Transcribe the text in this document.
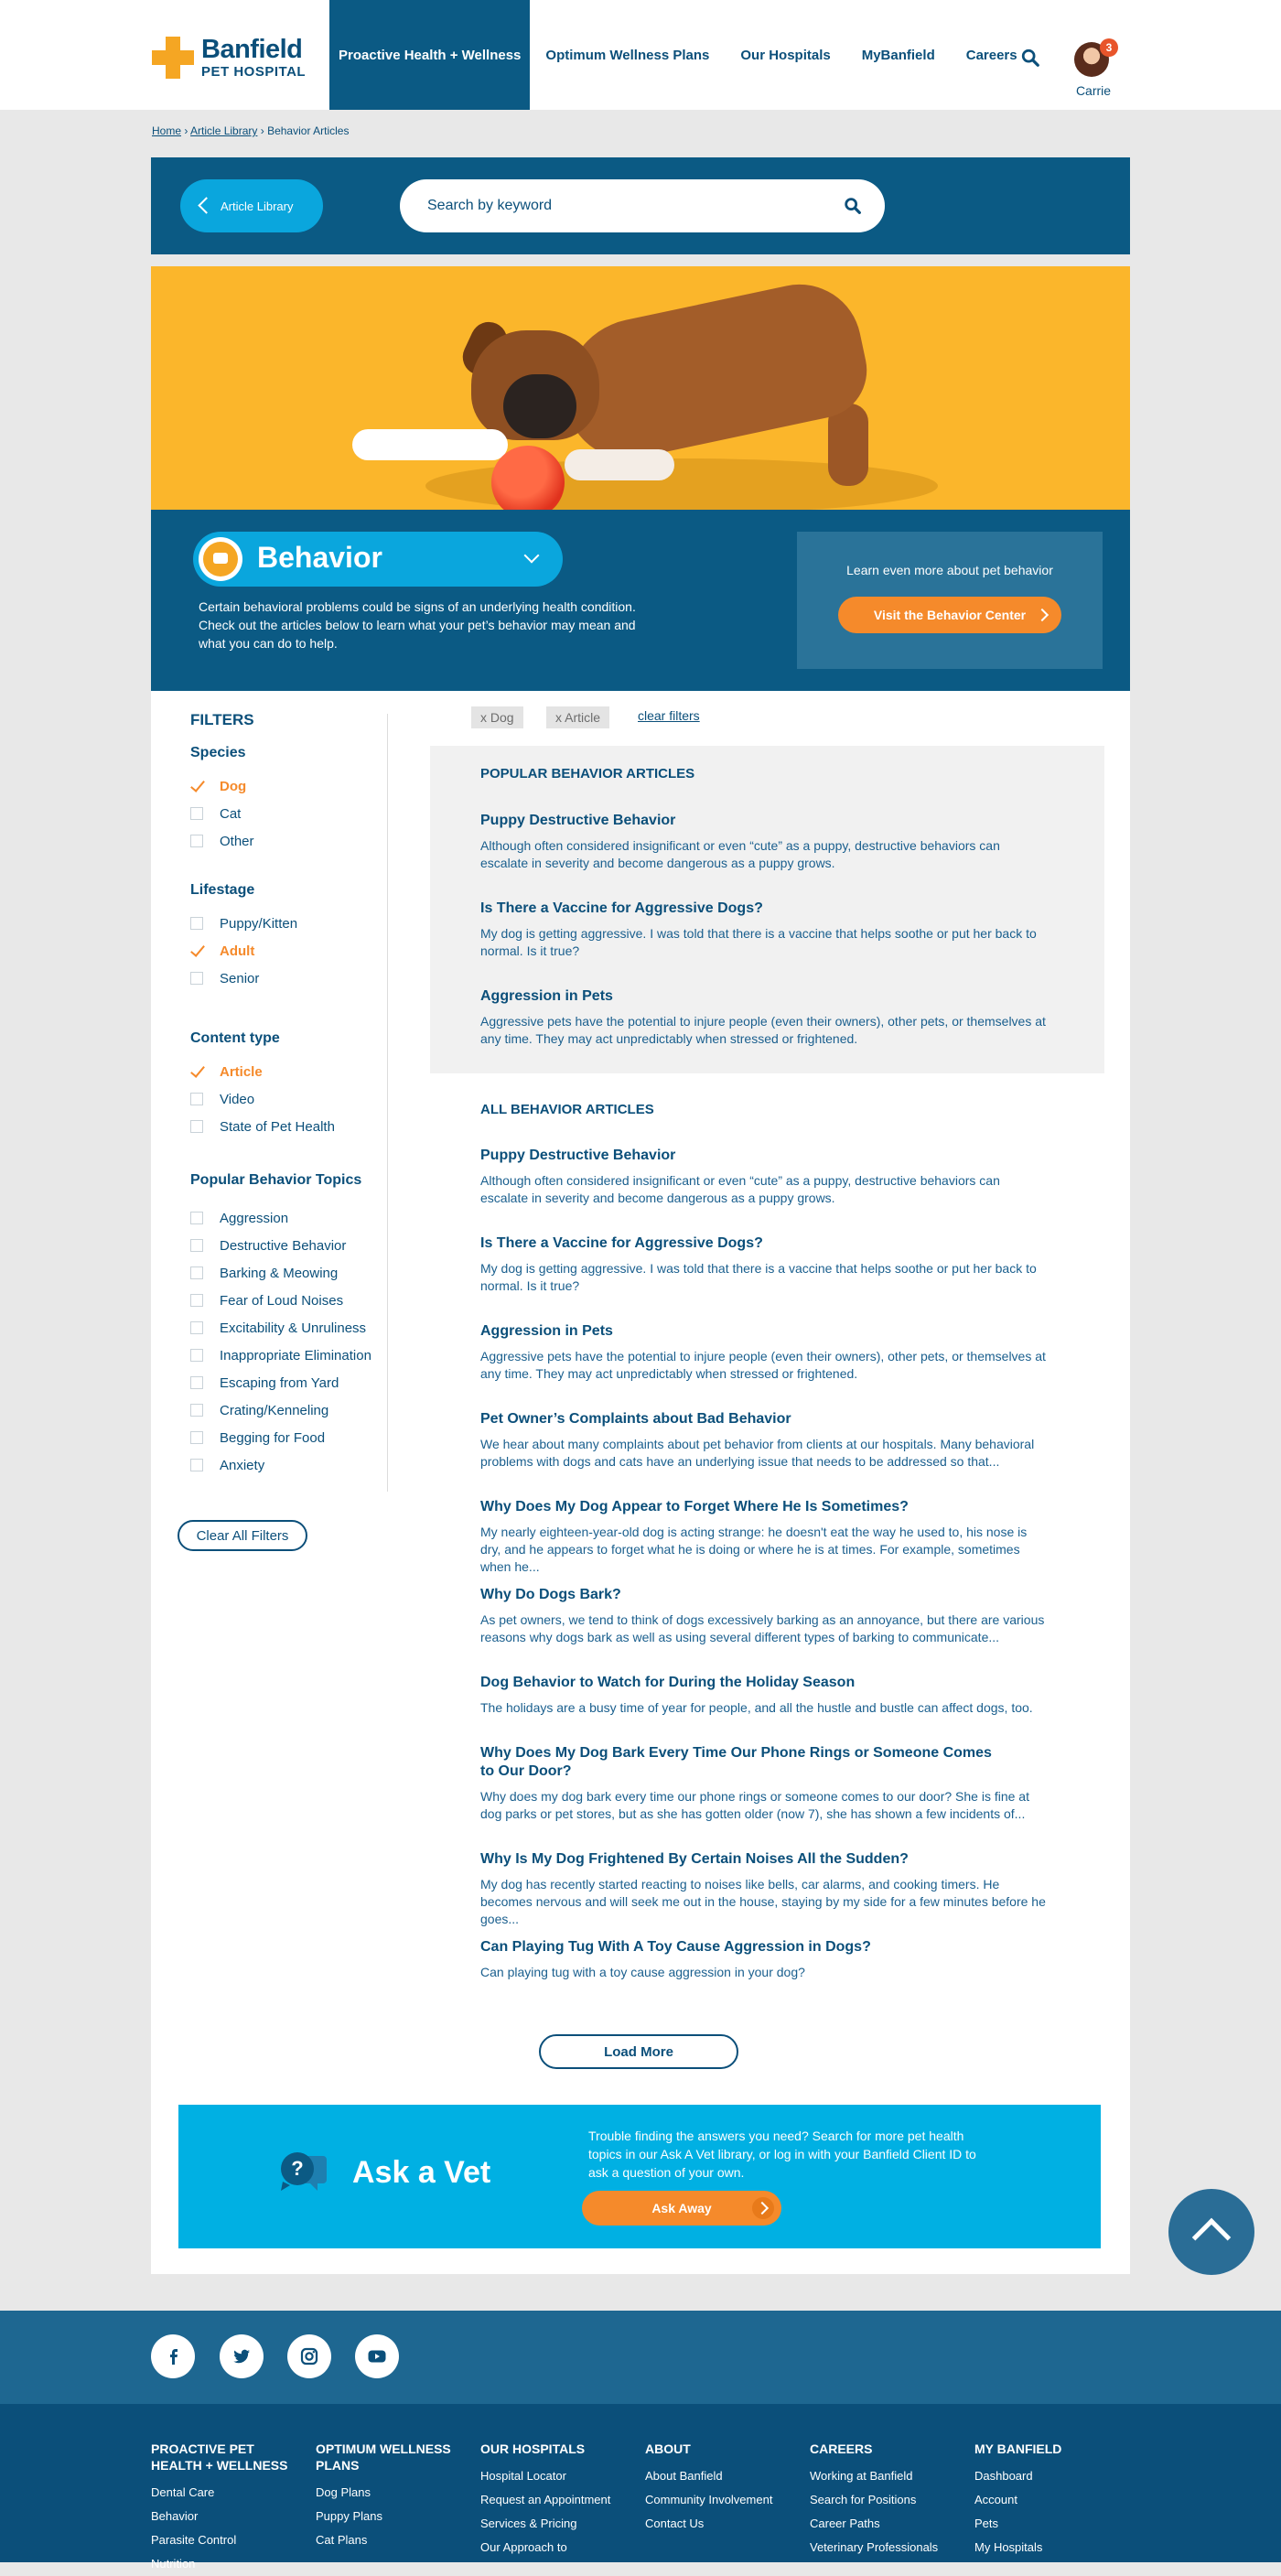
Banfield
PET HOSPITAL
Proactive Health + Wellness	Optimum Wellness Plans	Our Hospitals	MyBanfield	Careers	3
Carrie
Home › Article Library › Behavior Articles
Article Library
Search by keyword
Behavior
Certain behavioral problems could be signs of an underlying health condition. Check out the articles below to learn what your pet’s behavior may mean and what you can do to help.
Learn even more about pet behavior
Visit the Behavior Center
FILTERS
Species
Dog
Cat
Other
Lifestage
Puppy/Kitten
Adult
Senior
Content type
Article
Video
State of Pet Health
Popular Behavior Topics
Aggression
Destructive Behavior
Barking & Meowing
Fear of Loud Noises
Excitability & Unruliness
Inappropriate Elimination
Escaping from Yard
Crating/Kenneling
Begging for Food
Anxiety
Clear All Filters
x Dog	x Article	clear filters
POPULAR BEHAVIOR ARTICLES
Puppy Destructive Behavior
Although often considered insignificant or even “cute” as a puppy, destructive behaviors can escalate in severity and become dangerous as a puppy grows.
Is There a Vaccine for Aggressive Dogs?
My dog is getting aggressive. I was told that there is a vaccine that helps soothe or put her back to normal. Is it true?
Aggression in Pets
Aggressive pets have the potential to injure people (even their owners), other pets, or themselves at any time. They may act unpredictably when stressed or frightened.
ALL BEHAVIOR ARTICLES
Puppy Destructive Behavior
Although often considered insignificant or even “cute” as a puppy, destructive behaviors can escalate in severity and become dangerous as a puppy grows.
Is There a Vaccine for Aggressive Dogs?
My dog is getting aggressive. I was told that there is a vaccine that helps soothe or put her back to normal. Is it true?
Aggression in Pets
Aggressive pets have the potential to injure people (even their owners), other pets, or themselves at any time. They may act unpredictably when stressed or frightened.
Pet Owner’s Complaints about Bad Behavior
We hear about many complaints about pet behavior from clients at our hospitals. Many behavioral problems with dogs and cats have an underlying issue that needs to be addressed so that...
Why Does My Dog Appear to Forget Where He Is Sometimes?
My nearly eighteen-year-old dog is acting strange: he doesn't eat the way he used to, his nose is dry, and he appears to forget what he is doing or where he is at times. For example, sometimes when he...
Why Do Dogs Bark?
As pet owners, we tend to think of dogs excessively barking as an annoyance, but there are various reasons why dogs bark as well as using several different types of barking to communicate...
Dog Behavior to Watch for During the Holiday Season
The holidays are a busy time of year for people, and all the hustle and bustle can affect dogs, too.
Why Does My Dog Bark Every Time Our Phone Rings or Someone Comes to Our Door?
Why does my dog bark every time our phone rings or someone comes to our door? She is fine at dog parks or pet stores, but as she has gotten older (now 7), she has shown a few incidents of...
Why Is My Dog Frightened By Certain Noises All the Sudden?
My dog has recently started reacting to noises like bells, car alarms, and cooking timers. He becomes nervous and will seek me out in the house, staying by my side for a few minutes before he goes...
Can Playing Tug With A Toy Cause Aggression in Dogs?
Can playing tug with a toy cause aggression in your dog?
Load More
? Ask a Vet
Trouble finding the answers you need? Search for more pet health topics in our Ask A Vet library, or log in with your Banfield Client ID to ask a question of your own.
Ask Away
PROACTIVE PET HEALTH + WELLNESS
Dental Care
Behavior
Parasite Control
Nutrition
OPTIMUM WELLNESS PLANS
Dog Plans
Puppy Plans
Cat Plans
OUR HOSPITALS
Hospital Locator
Request an Appointment
Services & Pricing
Our Approach to
ABOUT
About Banfield
Community Involvement
Contact Us
CAREERS
Working at Banfield
Search for Positions
Career Paths
Veterinary Professionals
MY BANFIELD
Dashboard
Account
Pets
My Hospitals
